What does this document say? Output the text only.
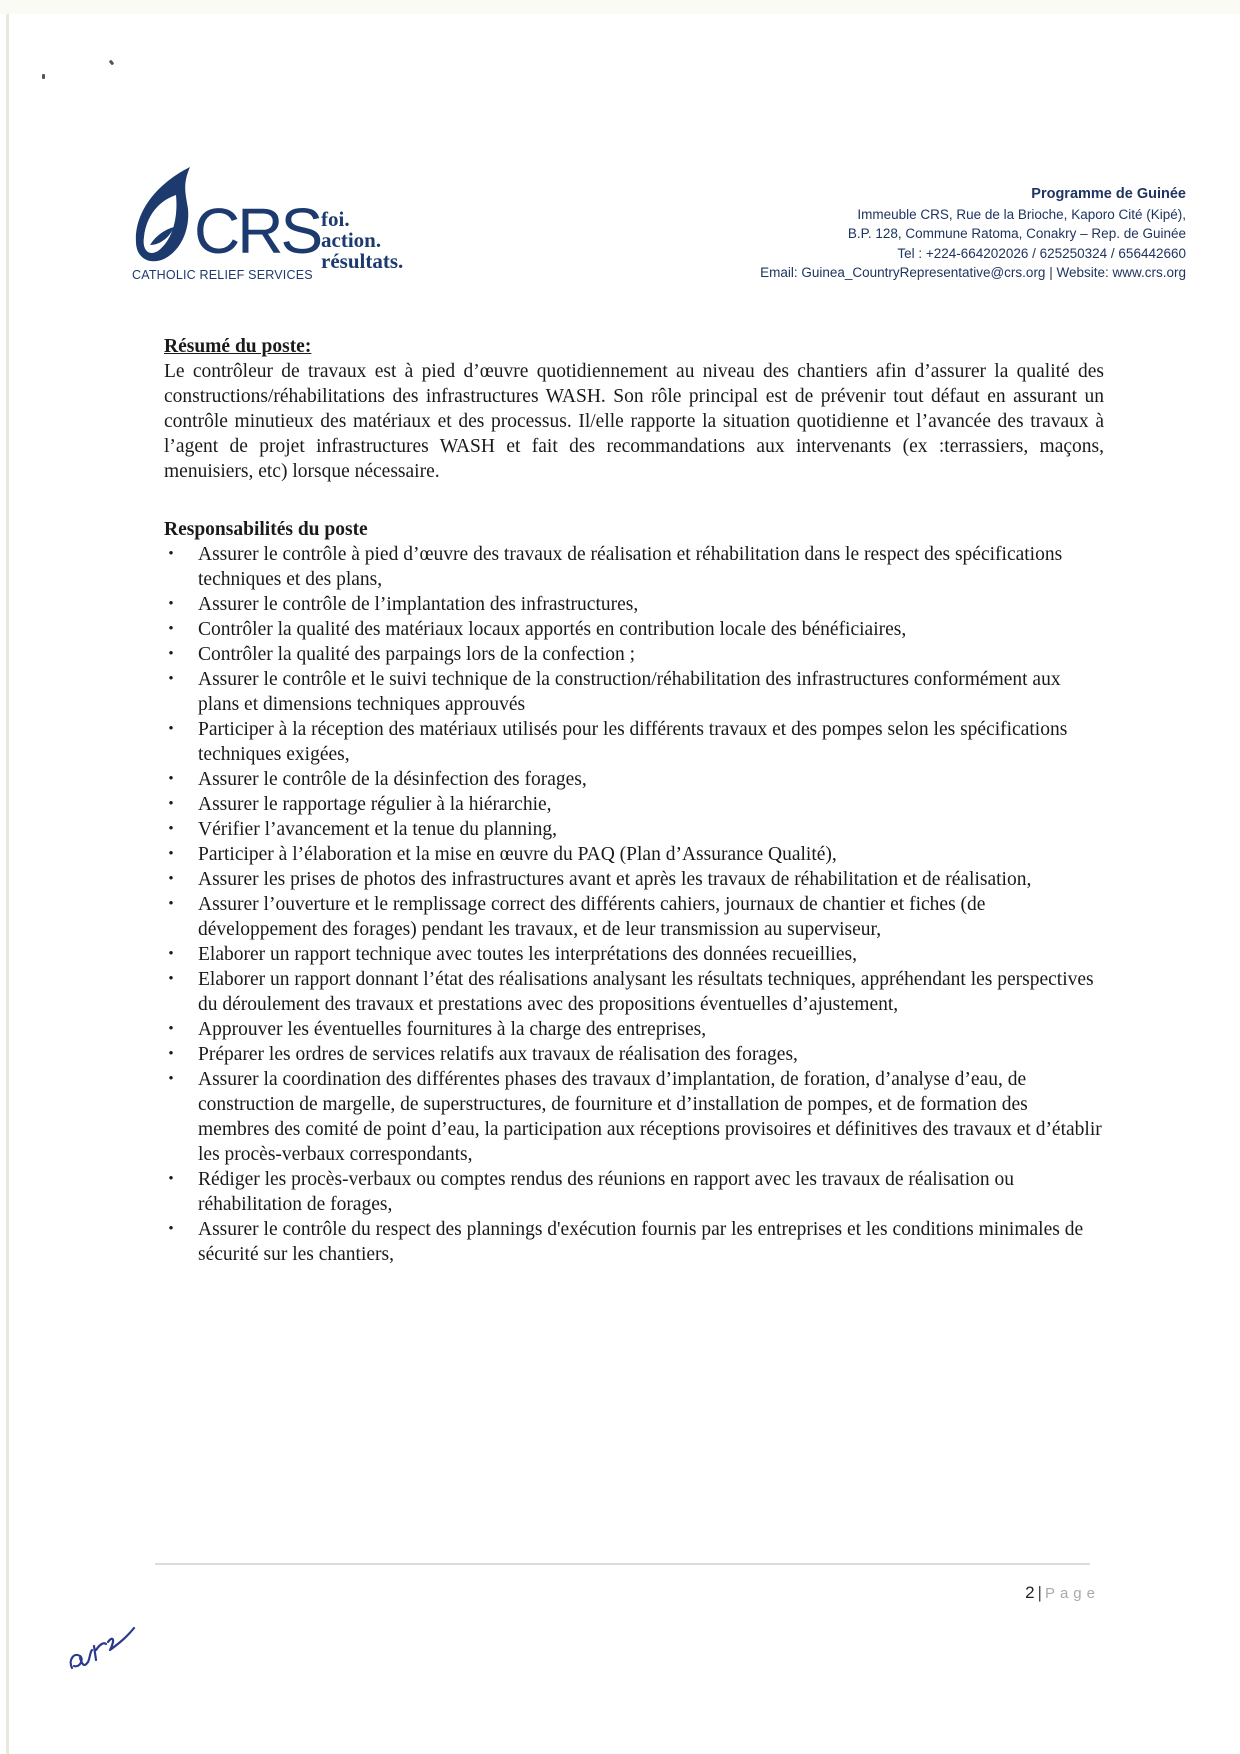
CRS
CATHOLIC RELIEF SERVICES
foi.
action.
résultats.
Programme de Guinée
Immeuble CRS, Rue de la Brioche, Kaporo Cité (Kipé),
B.P. 128, Commune Ratoma, Conakry – Rep. de Guinée
Tel : +224-664202026 / 625250324 / 656442660
Email: Guinea_CountryRepresentative@crs.org | Website: www.crs.org

Résumé du poste:

Le contrôleur de travaux est à pied d’œuvre quotidiennement au niveau des chantiers afin d’assurer la qualité des constructions/réhabilitations des infrastructures WASH. Son rôle principal est de prévenir tout défaut en assurant un contrôle minutieux des matériaux et des processus. Il/elle rapporte la situation quotidienne et l’avancée des travaux à l’agent de projet infrastructures WASH et fait des recommandations aux intervenants (ex :terrassiers, maçons, menuisiers, etc) lorsque nécessaire.

Responsabilités du poste

• Assurer le contrôle à pied d’œuvre des travaux de réalisation et réhabilitation dans le respect des spécifications techniques et des plans,
• Assurer le contrôle de l’implantation des infrastructures,
• Contrôler la qualité des matériaux locaux apportés en contribution locale des bénéficiaires,
• Contrôler la qualité des parpaings lors de la confection ;
• Assurer le contrôle et le suivi technique de la construction/réhabilitation des infrastructures conformément aux plans et dimensions techniques approuvés
• Participer à la réception des matériaux utilisés pour les différents travaux et des pompes selon les spécifications techniques exigées,
• Assurer le contrôle de la désinfection des forages,
• Assurer le rapportage régulier à la hiérarchie,
• Vérifier l’avancement et la tenue du planning,
• Participer à l’élaboration et la mise en œuvre du PAQ (Plan d’Assurance Qualité),
• Assurer les prises de photos des infrastructures avant et après les travaux de réhabilitation et de réalisation,
• Assurer l’ouverture et le remplissage correct des différents cahiers, journaux de chantier et fiches (de développement des forages) pendant les travaux, et de leur transmission au superviseur,
• Elaborer un rapport technique avec toutes les interprétations des données recueillies,
• Elaborer un rapport donnant l’état des réalisations analysant les résultats techniques, appréhendant les perspectives du déroulement des travaux et prestations avec des propositions éventuelles d’ajustement,
• Approuver les éventuelles fournitures à la charge des entreprises,
• Préparer les ordres de services relatifs aux travaux de réalisation des forages,
• Assurer la coordination des différentes phases des travaux d’implantation, de foration, d’analyse d’eau, de construction de margelle, de superstructures, de fourniture et d’installation de pompes, et de formation des membres des comité de point d’eau, la participation aux réceptions provisoires et définitives des travaux et d’établir les procès-verbaux correspondants,
• Rédiger les procès-verbaux ou comptes rendus des réunions en rapport avec les travaux de réalisation ou réhabilitation de forages,
• Assurer le contrôle du respect des plannings d'exécution fournis par les entreprises et les conditions minimales de sécurité sur les chantiers,
2 | Page
